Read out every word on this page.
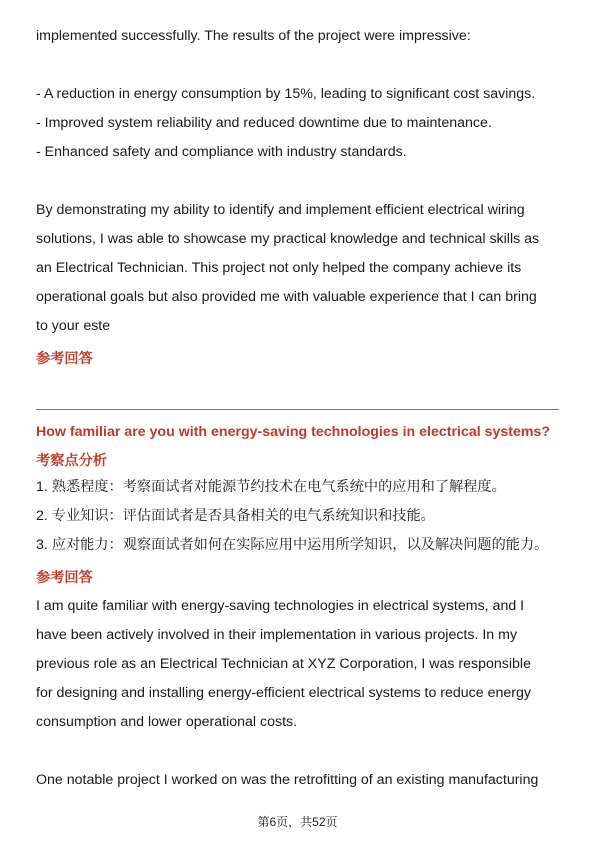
implemented successfully. The results of the project were impressive:
- A reduction in energy consumption by 15%, leading to significant cost savings.
- Improved system reliability and reduced downtime due to maintenance.
- Enhanced safety and compliance with industry standards.
By demonstrating my ability to identify and implement efficient electrical wiring
solutions, I was able to showcase my practical knowledge and technical skills as
an Electrical Technician. This project not only helped the company achieve its
operational goals but also provided me with valuable experience that I can bring
to your este
参考回答
How familiar are you with energy-saving technologies in electrical systems?
考察点分析
1. 熟悉程度：考察面试者对能源节约技术在电气系统中的应用和了解程度。
2. 专业知识：评估面试者是否具备相关的电气系统知识和技能。
3. 应对能力：观察面试者如何在实际应用中运用所学知识，以及解决问题的能力。
参考回答
I am quite familiar with energy-saving technologies in electrical systems, and I
have been actively involved in their implementation in various projects. In my
previous role as an Electrical Technician at XYZ Corporation, I was responsible
for designing and installing energy-efficient electrical systems to reduce energy
consumption and lower operational costs.
One notable project I worked on was the retrofitting of an existing manufacturing
第6页，共52页
